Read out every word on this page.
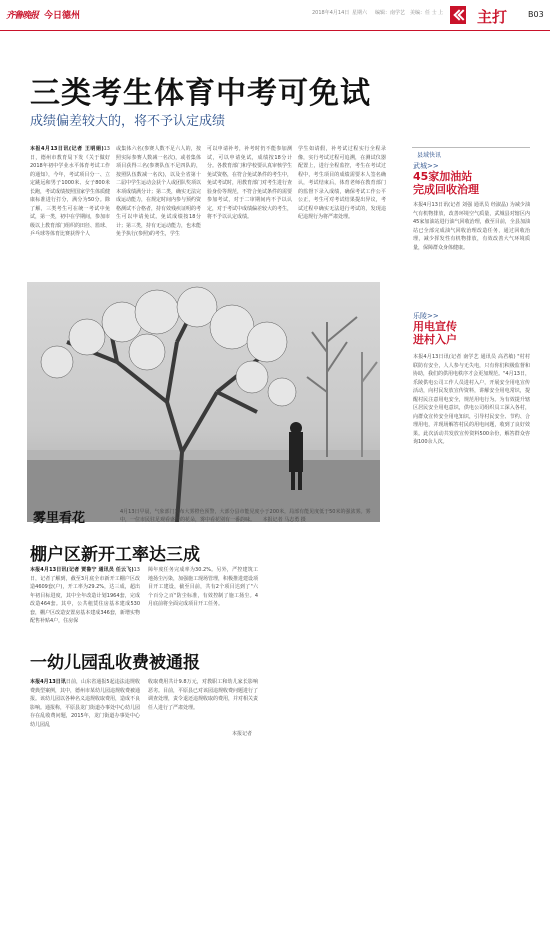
齐鲁晚报 今日德州	2018年4月14日 星期六 编辑：南学艺 美编：任 士 上 主打	B03
三类考生体育中考可免试
成绩偏差较大的，将不予认定成绩
本报4月13日讯(记者 王明娟)13日，德州市教育局下发《关于做好2018年初中学业水平体育考试工作的通知》，今年，考试项目分一、立定跳远和男子1000米、女子800米长跑，考试成绩按照国家学生体质健康标准进行打分，满分为50分。除了解，三类考生可在统一考试中免试，第一类，初中在学期间，参加市级以上教育部门组织的田径、篮球、乒乓球等体育比赛获得个人
或集体六名(参赛人数不足六人的，按照实际参赛人数减一名次)，或者集体项目获得三名(参赛队伍不足四队的，按照队伍数减一名次)，以及全省第十二届中学生运动会获个人或团队奖项以本项成绩满分计；第二类，确实无法完成运动能力，在规定时间内参与预约资格测试不合格者，持有效残疾证明的考生可以申请免试。免试成绩按18分计；第三类，持有无运动能力，也未能免予执行(参照)的考生，学生
可以申请补考，补考时仍不能参加测试，可以申请免试，成绩按18分计分。各教育部门和学校要认真审核学生免试资格，在符合免试条件的考生中，免试考试时，用教育部门对考生进行查验身份等规范，不符合免试条件的需要参加考试，对于二审期间内不予以认定，对于考试中成绩偏差较大的考生，将不予以认定成绩。
学生如请假，补考试过程实行全程录像，实行考试过程可追溯，在测试仪器配置上，进行全程监控，考生在考试过程中，考生项目的成绩需要本人签名确认，考试结束后，体育老师在教育部门的监督下录入成绩，确保考试工作公平公正，考生可对考试结果提出异议，考试过程中确实无法进行考试的，发现违纪违规行为将严肃处理。
县域快讯
武城>>
45家加油站
完成回收治理
本报4月13日讯(记者 刘强 通讯员 经淑晶) 为减少油气有机物排放，改善环境空气质量，武城县对辖区内45家加油站进行油气回收治理，截至目前，全县加油站已全部完成油气回收治理改造任务，通过回收治理，减少挥发性有机物排放，有效改善大气环境质量，保障群众身体健康。
乐陵>>
用电宣传
进村入户
本报4月13日讯(记者 南学艺 通讯员 高君敏) "村村联防有安全，人人参与无失电，只有你们积极监督和协助，我们的供用电秩序才会更加规范。"4月13日，乐陵供电公司工作人员进村入户，开展安全用电宣传活动，向村民发放宣传资料，讲解安全用电常识，提醒村民注意用电安全，规范用电行为。为有效提升辖区居民安全用电意识，供电公司组织员工深入各村，向群众宣传安全用电知识，引导村民安全、节约、合理用电，并现场解答村民的用电问题，收到了良好效果。此次活动共发放宣传资料500余份，解答群众咨询100余人次。
雾里看花	4月13日早晨，气象部门发布大雾橙色预警，大部分县市能见度小于200米，局部有能见度低于50米的强浓雾。雾中，一位市民驻足观看盛开的花朵，雾中看花别有一番韵味。 本报记者 马志勇 摄
棚户区新开工率达三成
本报4月13日讯(记者 贾鲁宁 通讯员 任云飞)13日，记者了解到，截至3月底全市新开工棚户区改造4609套(户)，开工率为29.2%，达三成，超出年初目标进度，其中全年改造计划1964套，完成改造464套。其中，公共租赁住房基本建成530套，棚户区改造安置房基本建成346套，新增实物配售补贴4户，住房保
障年度任务完成率为30.2%。另外，严控建筑工地扬尘污染，加强施工现场管理，积极推进建设项目开工建设，截至目前，共有2个项目达到了"六个百分之百"防尘标准，有效控制了施工扬尘。4月底前将全面完成项目开工任务。
一幼儿园乱收费被通报
本报4月13日讯日前，山东省通报5起违法违规收费典型案例，其中，德州市某幼儿园违规收费被通报。该幼儿园以各种名义违规收取费用，造成不良影响。通报称，平原县龙门街道办事处中心幼儿园存在乱收费问题，2015年，龙门街道办事处中心幼儿园乱
收取费用共计9.8万元，对教职工和幼儿家长影响恶劣。目前，平原县已对该园违规收费问题进行了调查处理，责令退还违规收取的费用，并对相关责任人进行了严肃处理。
本报记者
